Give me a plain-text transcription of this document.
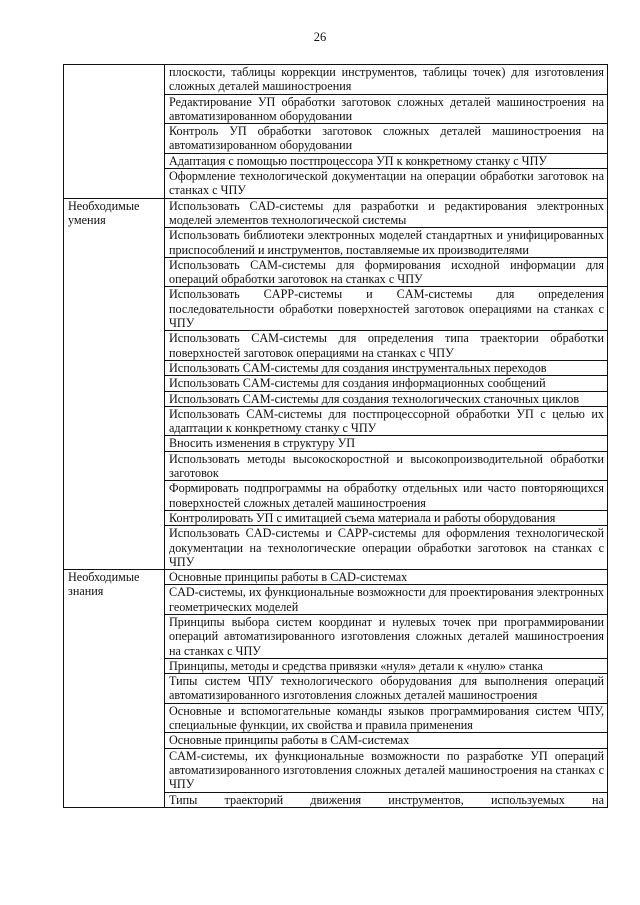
26
	плоскости, таблицы коррекции инструментов, таблицы точек) для изготовления сложных деталей машиностроения
	Редактирование УП обработки заготовок сложных деталей машиностроения на автоматизированном оборудовании
	Контроль УП обработки заготовок сложных деталей машиностроения на автоматизированном оборудовании
	Адаптация с помощью постпроцессора УП к конкретному станку с ЧПУ
	Оформление технологической документации на операции обработки заготовок на станках с ЧПУ
Необходимые умения	Использовать CAD-системы для разработки и редактирования электронных моделей элементов технологической системы
	Использовать библиотеки электронных моделей стандартных и унифицированных приспособлений и инструментов, поставляемые их производителями
	Использовать CAM-системы для формирования исходной информации для операций обработки заготовок на станках с ЧПУ
	Использовать CAPP-системы и CAM-системы для определения последовательности обработки поверхностей заготовок операциями на станках с ЧПУ
	Использовать CAM-системы для определения типа траектории обработки поверхностей заготовок операциями на станках с ЧПУ
	Использовать CAM-системы для создания инструментальных переходов
	Использовать CAM-системы для создания информационных сообщений
	Использовать CAM-системы для создания технологических станочных циклов
	Использовать CAM-системы для постпроцессорной обработки УП с целью их адаптации к конкретному станку с ЧПУ
	Вносить изменения в структуру УП
	Использовать методы высокоскоростной и высокопроизводительной обработки заготовок
	Формировать подпрограммы на обработку отдельных или часто повторяющихся поверхностей сложных деталей машиностроения
	Контролировать УП с имитацией съема материала и работы оборудования
	Использовать CAD-системы и CAPP-системы для оформления технологической документации на технологические операции обработки заготовок на станках с ЧПУ
Необходимые знания	Основные принципы работы в CAD-системах
	CAD-системы, их функциональные возможности для проектирования электронных геометрических моделей
	Принципы выбора систем координат и нулевых точек при программировании операций автоматизированного изготовления сложных деталей машиностроения на станках с ЧПУ
	Принципы, методы и средства привязки «нуля» детали к «нулю» станка
	Типы систем ЧПУ технологического оборудования для выполнения операций автоматизированного изготовления сложных деталей машиностроения
	Основные и вспомогательные команды языков программирования систем ЧПУ, специальные функции, их свойства и правила применения
	Основные принципы работы в CAM-системах
	CAM-системы, их функциональные возможности по разработке УП операций автоматизированного изготовления сложных деталей машиностроения на станках с ЧПУ
	Типы траекторий движения инструментов, используемых на
